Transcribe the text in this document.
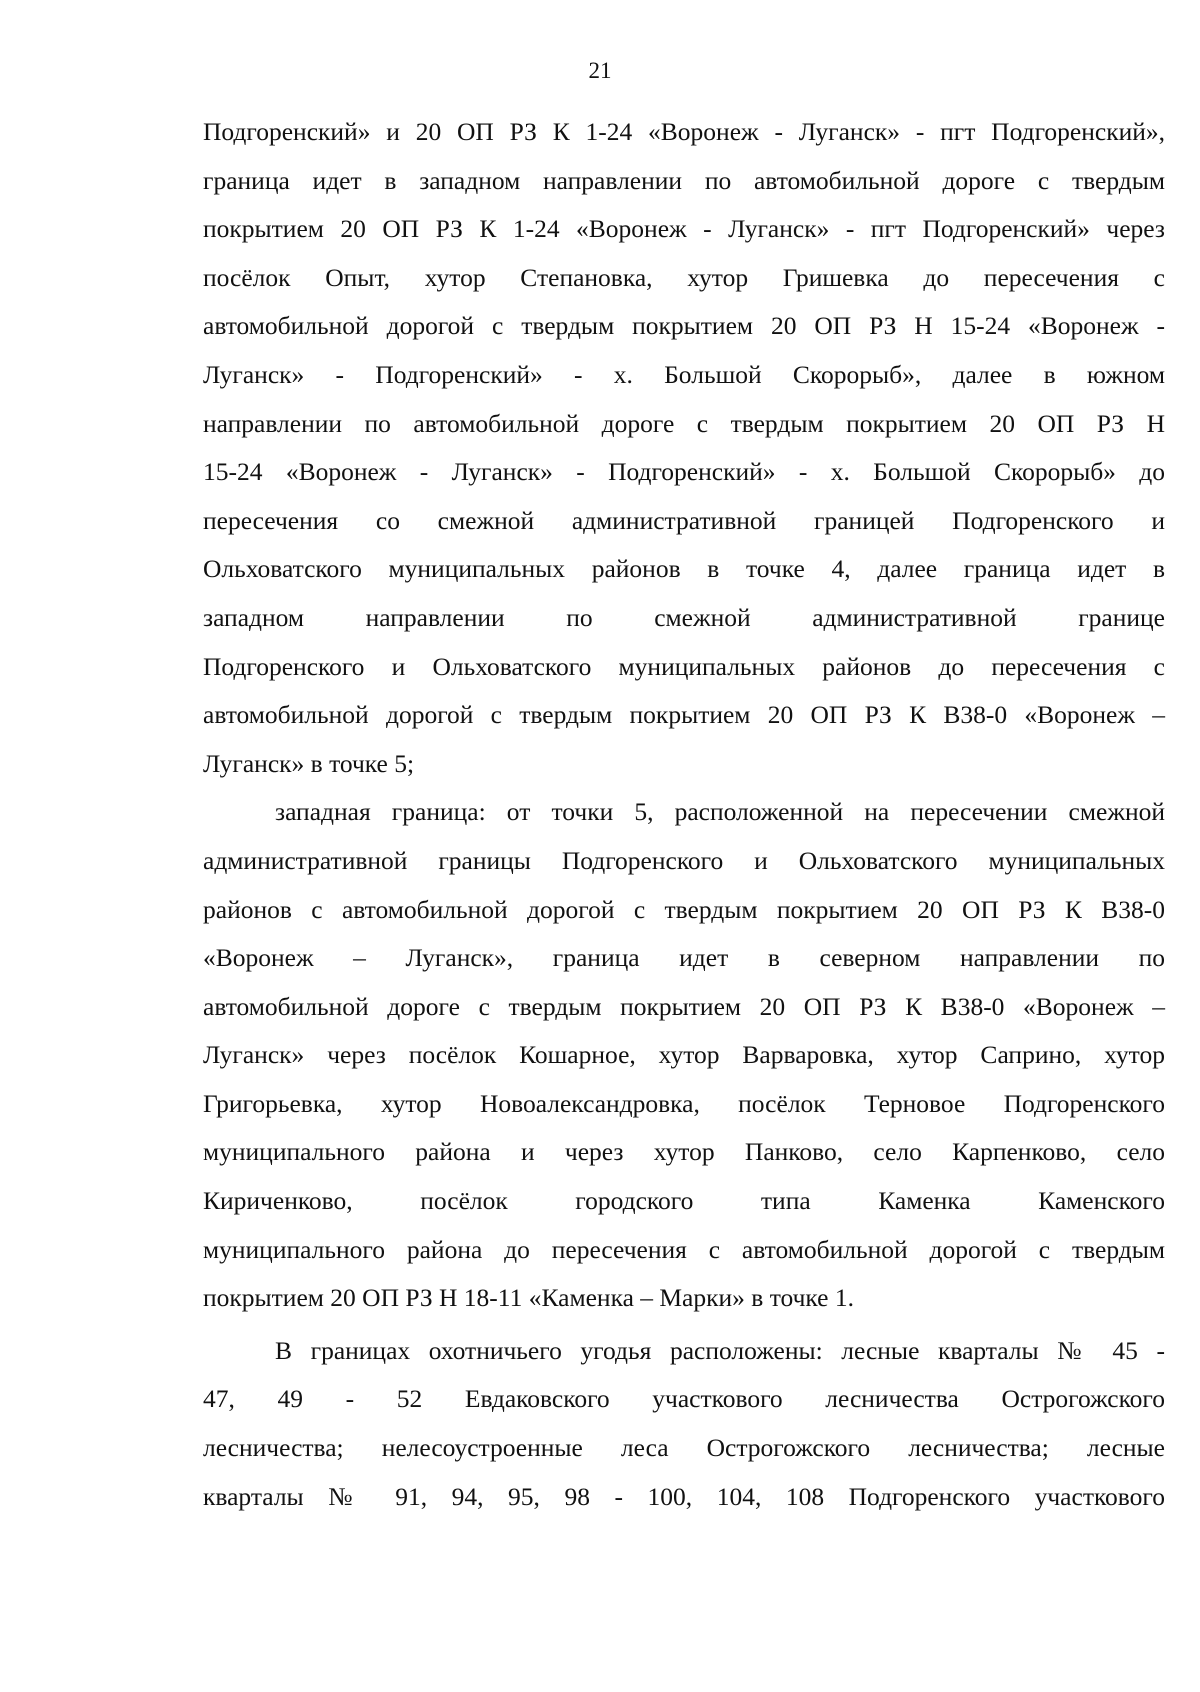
21

Подгоренский» и 20 ОП РЗ К 1-24 «Воронеж - Луганск» - пгт Подгоренский»,
граница идет в западном направлении по автомобильной дороге с твердым
покрытием 20 ОП РЗ К 1-24 «Воронеж - Луганск» - пгт Подгоренский» через
посёлок Опыт, хутор Степановка, хутор Гришевка до пересечения с
автомобильной дорогой с твердым покрытием 20 ОП РЗ Н 15-24 «Воронеж -
Луганск» - Подгоренский» - х. Большой Скорорыб», далее в южном
направлении по автомобильной дороге с твердым покрытием 20 ОП РЗ Н
15-24 «Воронеж - Луганск» - Подгоренский» - х. Большой Скорорыб» до
пересечения со смежной административной границей Подгоренского и
Ольховатского муниципальных районов в точке 4, далее граница идет в
западном направлении по смежной административной границе
Подгоренского и Ольховатского муниципальных районов до пересечения с
автомобильной дорогой с твердым покрытием 20 ОП РЗ К В38-0 «Воронеж –
Луганск» в точке 5;

западная граница: от точки 5, расположенной на пересечении смежной
административной границы Подгоренского и Ольховатского муниципальных
районов с автомобильной дорогой с твердым покрытием 20 ОП РЗ К В38-0
«Воронеж – Луганск», граница идет в северном направлении по
автомобильной дороге с твердым покрытием 20 ОП РЗ К В38-0 «Воронеж –
Луганск» через посёлок Кошарное, хутор Варваровка, хутор Саприно, хутор
Григорьевка, хутор Новоалександровка, посёлок Терновое Подгоренского
муниципального района и через хутор Панково, село Карпенково, село
Кириченково, посёлок городского типа Каменка Каменского
муниципального района до пересечения с автомобильной дорогой с твердым
покрытием 20 ОП РЗ Н 18-11 «Каменка – Марки» в точке 1.

В границах охотничьего угодья расположены: лесные кварталы № 45 -
47, 49 - 52 Евдаковского участкового лесничества Острогожского
лесничества; нелесоустроенные леса Острогожского лесничества; лесные
кварталы № 91, 94, 95, 98 - 100, 104, 108 Подгоренского участкового
